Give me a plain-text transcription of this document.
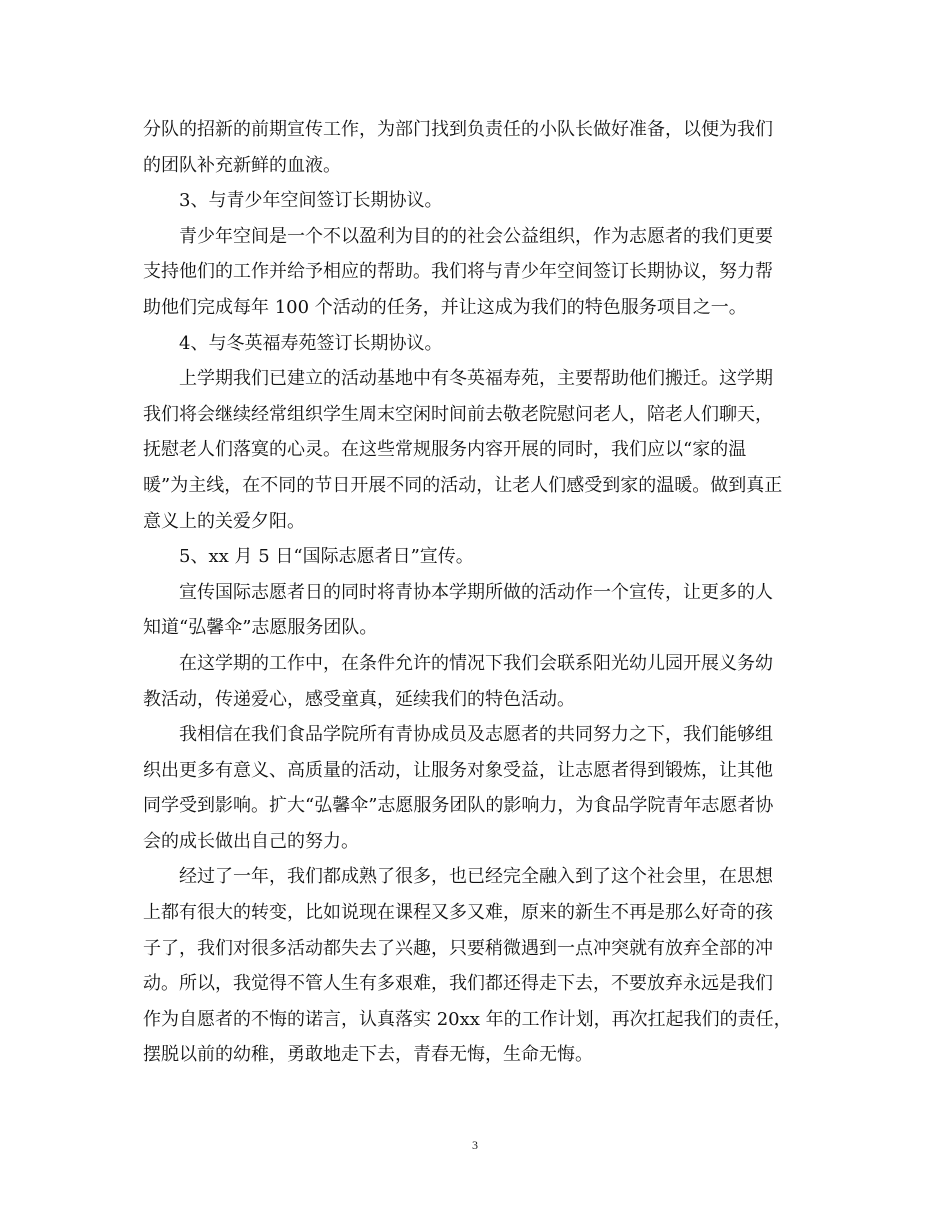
分队的招新的前期宣传工作，为部门找到负责任的小队长做好准备，以便为我们
的团队补充新鲜的血液。
3、与青少年空间签订长期协议。
青少年空间是一个不以盈利为目的的社会公益组织，作为志愿者的我们更要
支持他们的工作并给予相应的帮助。我们将与青少年空间签订长期协议，努力帮
助他们完成每年 100 个活动的任务，并让这成为我们的特色服务项目之一。
4、与冬英福寿苑签订长期协议。
上学期我们已建立的活动基地中有冬英福寿苑，主要帮助他们搬迁。这学期
我们将会继续经常组织学生周末空闲时间前去敬老院慰问老人，陪老人们聊天，
抚慰老人们落寞的心灵。在这些常规服务内容开展的同时，我们应以“家的温
暖”为主线，在不同的节日开展不同的活动，让老人们感受到家的温暖。做到真正
意义上的关爱夕阳。
5、xx 月 5 日“国际志愿者日”宣传。
宣传国际志愿者日的同时将青协本学期所做的活动作一个宣传，让更多的人
知道“弘馨伞”志愿服务团队。
在这学期的工作中，在条件允许的情况下我们会联系阳光幼儿园开展义务幼
教活动，传递爱心，感受童真，延续我们的特色活动。
我相信在我们食品学院所有青协成员及志愿者的共同努力之下，我们能够组
织出更多有意义、高质量的活动，让服务对象受益，让志愿者得到锻炼，让其他
同学受到影响。扩大“弘馨伞”志愿服务团队的影响力，为食品学院青年志愿者协
会的成长做出自己的努力。
经过了一年，我们都成熟了很多，也已经完全融入到了这个社会里，在思想
上都有很大的转变，比如说现在课程又多又难，原来的新生不再是那么好奇的孩
子了，我们对很多活动都失去了兴趣，只要稍微遇到一点冲突就有放弃全部的冲
动。所以，我觉得不管人生有多艰难，我们都还得走下去，不要放弃永远是我们
作为自愿者的不悔的诺言，认真落实 20xx 年的工作计划，再次扛起我们的责任，
摆脱以前的幼稚，勇敢地走下去，青春无悔，生命无悔。
3
